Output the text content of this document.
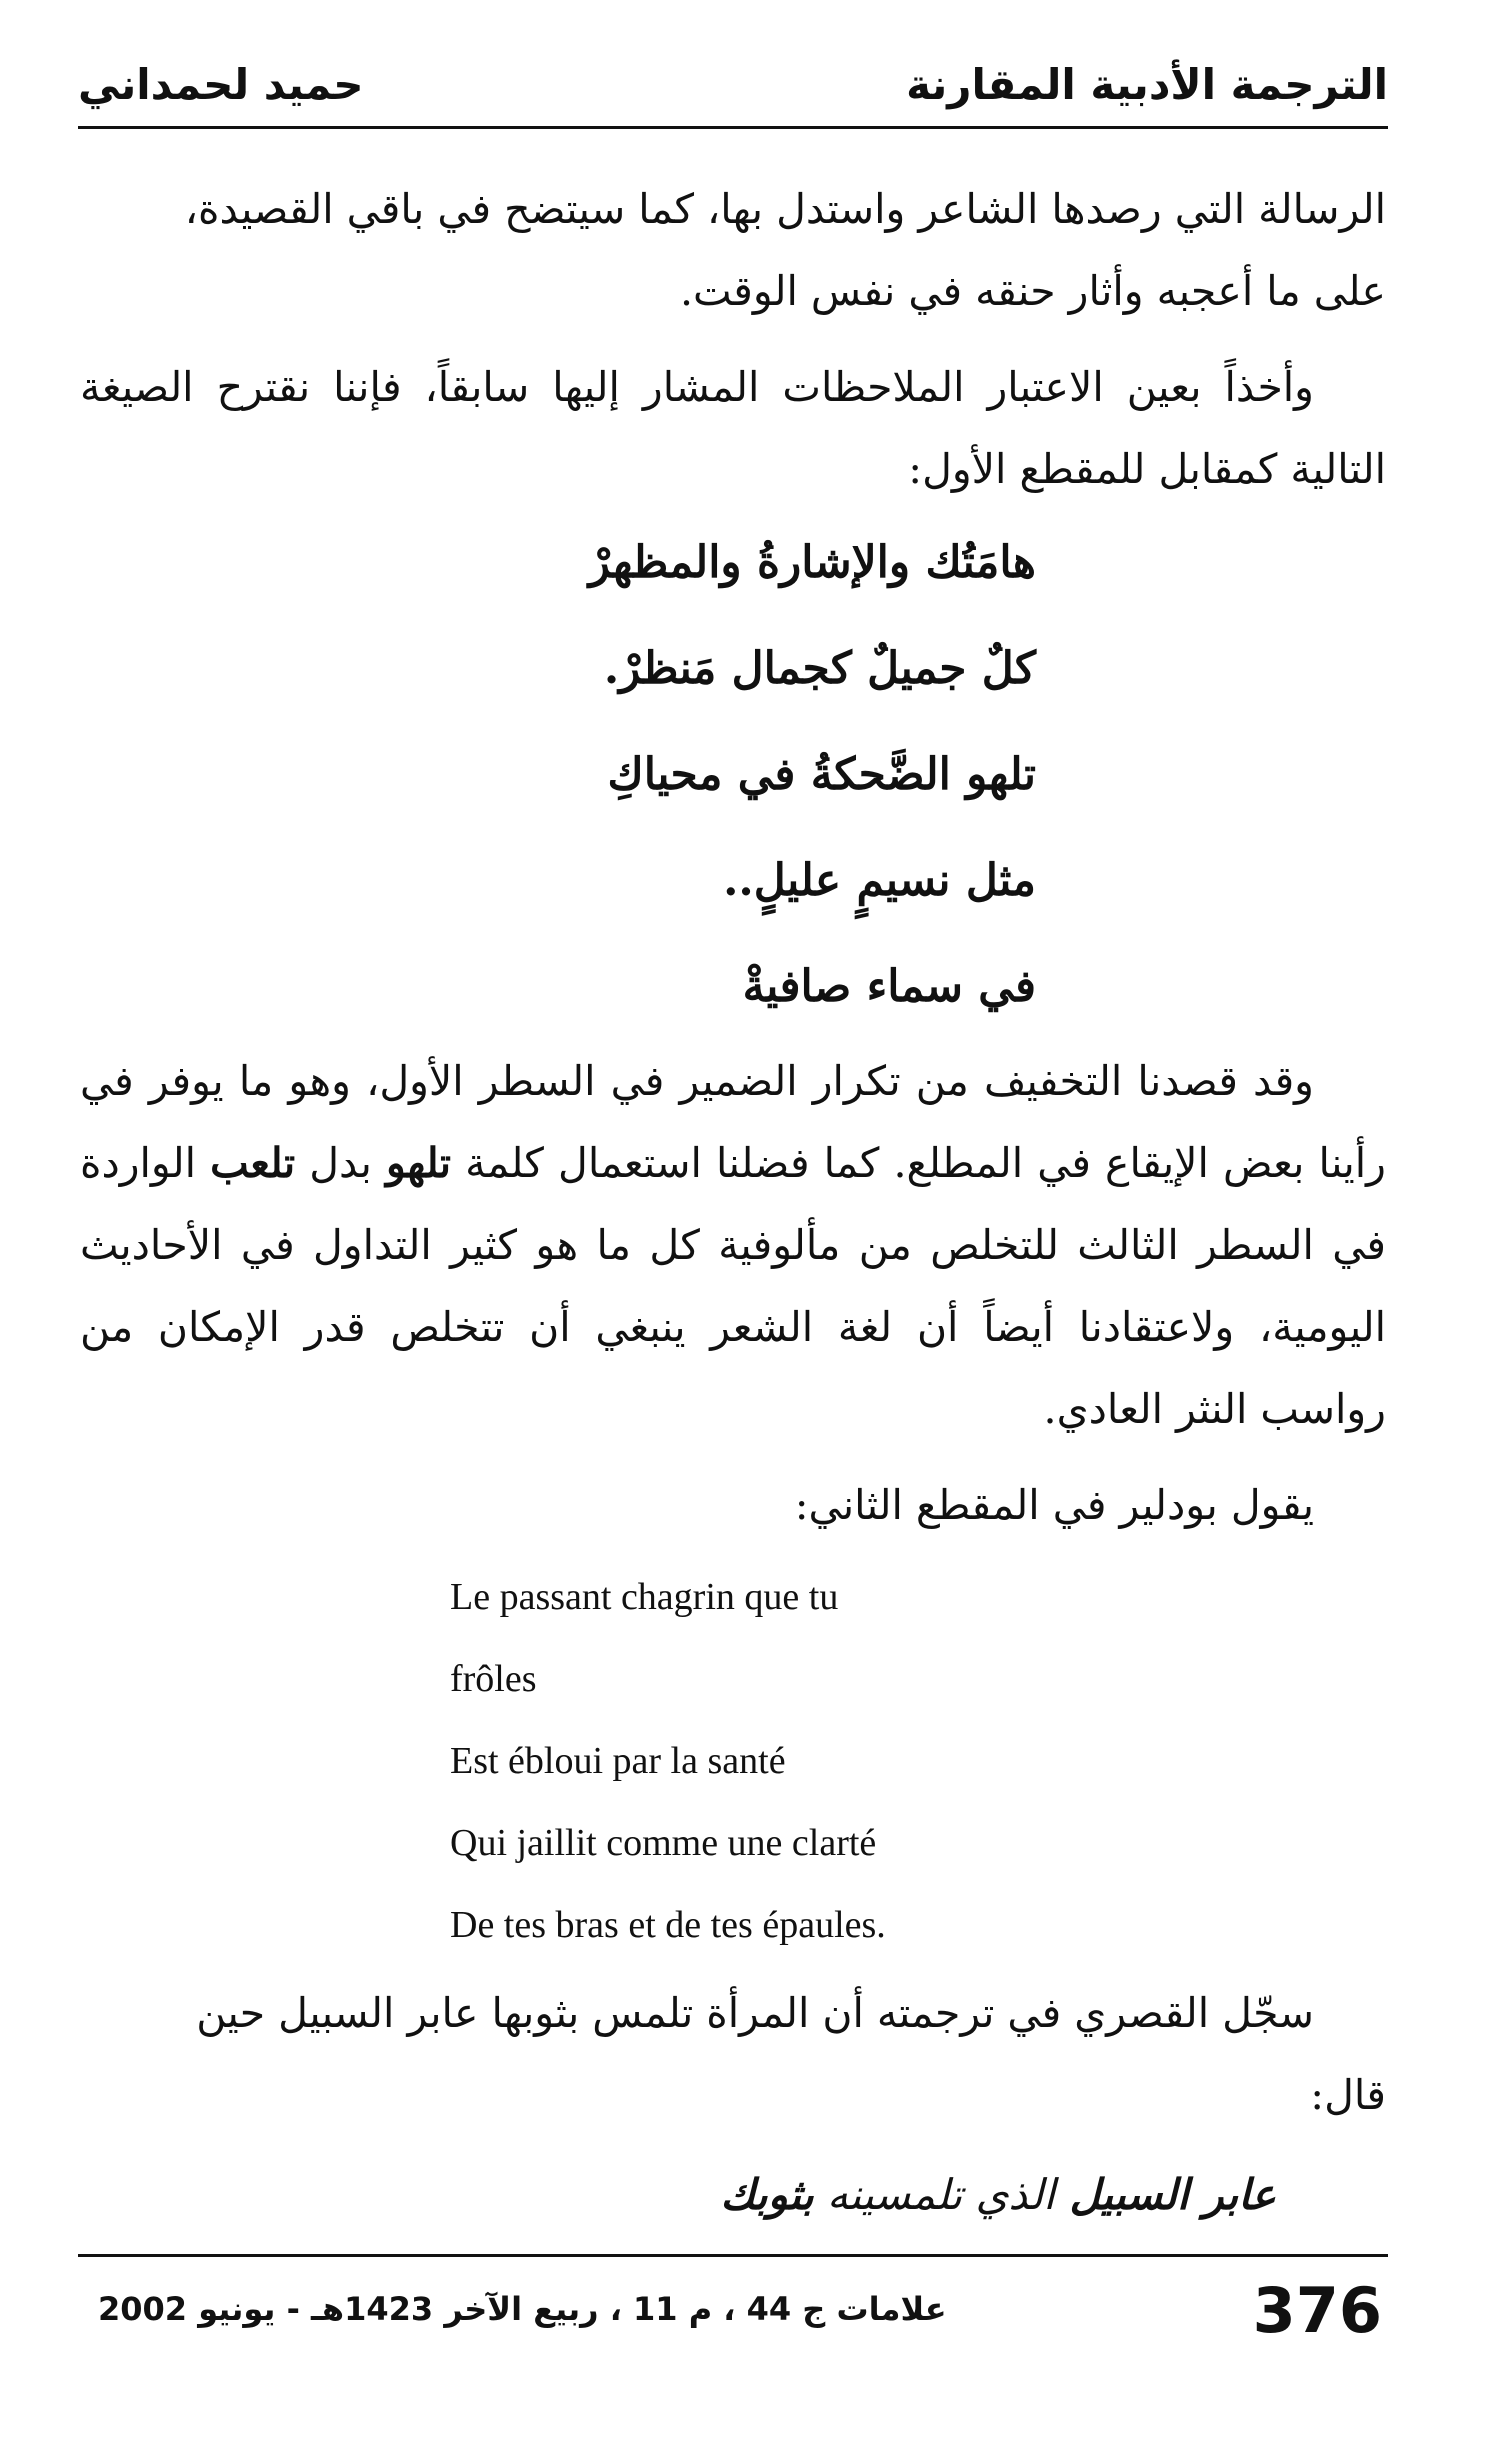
الترجمة الأدبية المقارنة
حميد لحمداني

الرسالة التي رصدها الشاعر واستدل بها، كما سيتضح في باقي القصيدة،
على ما أعجبه وأثار حنقه في نفس الوقت.

وأخذاً بعين الاعتبار الملاحظات المشار إليها سابقاً، فإننا نقترح الصيغة التالية كمقابل للمقطع الأول:

هامَتُك والإشارةُ والمظهرْ
كلٌ جميلٌ كجمال مَنظرْ.
تلهو الضَّحكةُ في محياكِ
مثل نسيمٍ عليلٍ..
في سماء صافيةْ

وقد قصدنا التخفيف من تكرار الضمير في السطر الأول، وهو ما يوفر في رأينا بعض الإيقاع في المطلع. كما فضلنا استعمال كلمة تلهو بدل تلعب الواردة في السطر الثالث للتخلص من مألوفية كل ما هو كثير التداول في الأحاديث اليومية، ولاعتقادنا أيضاً أن لغة الشعر ينبغي أن تتخلص قدر الإمكان من رواسب النثر العادي.

يقول بودلير في المقطع الثاني:

Le passant chagrin que tu
frôles
Est ébloui par la santé
Qui jaillit comme une clarté
De tes bras et de tes épaules.

سجّل القصري في ترجمته أن المرأة تلمس بثوبها عابر السبيل حين
قال:

عابر السبيل الذي تلمسينه بثوبك
376
علامات ج 44 ، م 11 ، ربيع الآخر 1423هـ - يونيو 2002
